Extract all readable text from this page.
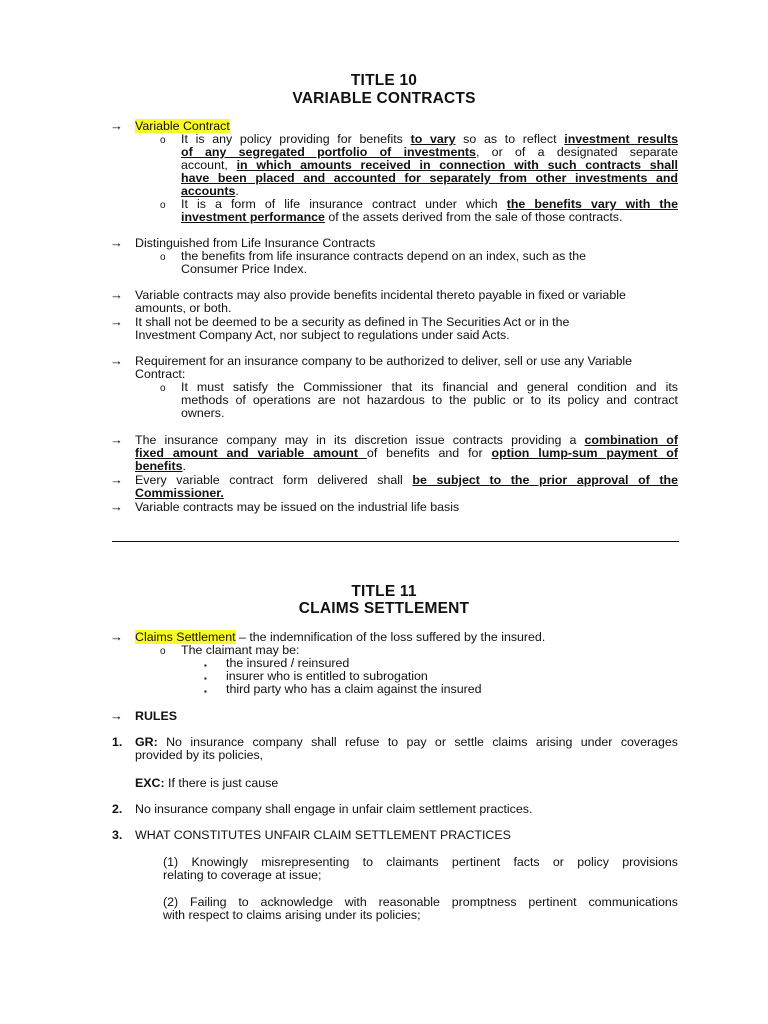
TITLE 10
VARIABLE CONTRACTS
→ Variable Contract
o It is any policy providing for benefits to vary so as to reflect investment results
of any segregated portfolio of investments, or of a designated separate
account, in which amounts received in connection with such contracts shall
have been placed and accounted for separately from other investments and
accounts.
o It is a form of life insurance contract under which the benefits vary with the
investment performance of the assets derived from the sale of those contracts.
→ Distinguished from Life Insurance Contracts
o the benefits from life insurance contracts depend on an index, such as the
Consumer Price Index.
→ Variable contracts may also provide benefits incidental thereto payable in fixed or variable
amounts, or both.
→ It shall not be deemed to be a security as defined in The Securities Act or in the
Investment Company Act, nor subject to regulations under said Acts.
→ Requirement for an insurance company to be authorized to deliver, sell or use any Variable
Contract:
o It must satisfy the Commissioner that its financial and general condition and its
methods of operations are not hazardous to the public or to its policy and contract
owners.
→ The insurance company may in its discretion issue contracts providing a combination of
fixed amount and variable amount of benefits and for option lump-sum payment of
benefits.
→ Every variable contract form delivered shall be subject to the prior approval of the
Commissioner.
→ Variable contracts may be issued on the industrial life basis
TITLE 11
CLAIMS SETTLEMENT
→ Claims Settlement – the indemnification of the loss suffered by the insured.
o The claimant may be:
▪ the insured / reinsured
▪ insurer who is entitled to subrogation
▪ third party who has a claim against the insured
→ RULES
1. GR: No insurance company shall refuse to pay or settle claims arising under coverages
provided by its policies,
EXC: If there is just cause
2. No insurance company shall engage in unfair claim settlement practices.
3. WHAT CONSTITUTES UNFAIR CLAIM SETTLEMENT PRACTICES
(1) Knowingly misrepresenting to claimants pertinent facts or policy provisions
relating to coverage at issue;
(2) Failing to acknowledge with reasonable promptness pertinent communications
with respect to claims arising under its policies;
